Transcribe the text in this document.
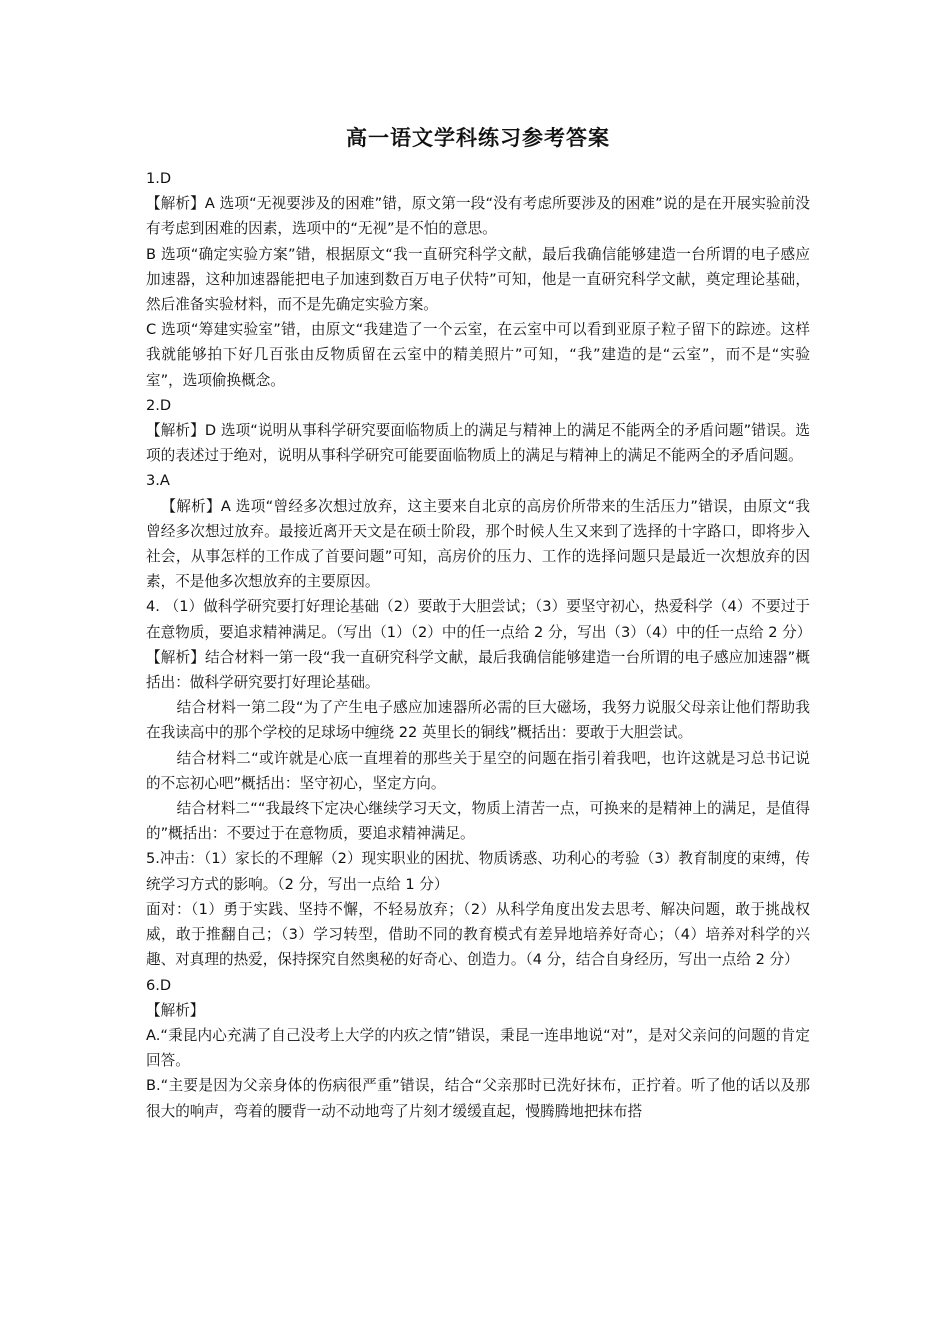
高一语文学科练习参考答案

1.D

【解析】A 选项“无视要涉及的困难”错，原文第一段“没有考虑所要涉及的困难”说的是在开展实验前没有考虑到困难的因素，选项中的“无视”是不怕的意思。

B 选项“确定实验方案”错，根据原文“我一直研究科学文献，最后我确信能够建造一台所谓的电子感应加速器，这种加速器能把电子加速到数百万电子伏特”可知，他是一直研究科学文献，奠定理论基础，然后准备实验材料，而不是先确定实验方案。

C 选项“筹建实验室”错，由原文“我建造了一个云室，在云室中可以看到亚原子粒子留下的踪迹。这样我就能够拍下好几百张由反物质留在云室中的精美照片”可知，“我”建造的是“云室”，而不是“实验室”，选项偷换概念。

2.D

【解析】D 选项“说明从事科学研究要面临物质上的满足与精神上的满足不能两全的矛盾问题”错误。选项的表述过于绝对，说明从事科学研究可能要面临物质上的满足与精神上的满足不能两全的矛盾问题。

3.A

【解析】A 选项“曾经多次想过放弃，这主要来自北京的高房价所带来的生活压力”错误，由原文“我曾经多次想过放弃。最接近离开天文是在硕士阶段，那个时候人生又来到了选择的十字路口，即将步入社会，从事怎样的工作成了首要问题”可知，高房价的压力、工作的选择问题只是最近一次想放弃的因素，不是他多次想放弃的主要原因。

4. （1）做科学研究要打好理论基础（2）要敢于大胆尝试；（3）要坚守初心，热爱科学（4）不要过于在意物质，要追求精神满足。（写出（1）（2）中的任一点给 2 分，写出（3）（4）中的任一点给 2 分）

【解析】结合材料一第一段“我一直研究科学文献，最后我确信能够建造一台所谓的电子感应加速器”概括出：做科学研究要打好理论基础。

结合材料一第二段“为了产生电子感应加速器所必需的巨大磁场，我努力说服父母亲让他们帮助我在我读高中的那个学校的足球场中缠绕 22 英里长的铜线”概括出：要敢于大胆尝试。

结合材料二“或许就是心底一直埋着的那些关于星空的问题在指引着我吧，也许这就是习总书记说的不忘初心吧”概括出：坚守初心，坚定方向。

结合材料二““我最终下定决心继续学习天文，物质上清苦一点，可换来的是精神上的满足，是值得的”概括出：不要过于在意物质，要追求精神满足。

5.冲击：（1）家长的不理解（2）现实职业的困扰、物质诱惑、功利心的考验（3）教育制度的束缚，传统学习方式的影响。（2 分，写出一点给 1 分）

面对：（1）勇于实践、坚持不懈，不轻易放弃；（2）从科学角度出发去思考、解决问题，敢于挑战权威，敢于推翻自己；（3）学习转型，借助不同的教育模式有差异地培养好奇心；（4）培养对科学的兴趣、对真理的热爱，保持探究自然奥秘的好奇心、创造力。（4 分，结合自身经历，写出一点给 2 分）

6.D

【解析】

A.“秉昆内心充满了自己没考上大学的内疚之情”错误，秉昆一连串地说“对”，是对父亲问的问题的肯定回答。

B.“主要是因为父亲身体的伤病很严重”错误，结合“父亲那时已洗好抹布，正拧着。听了他的话以及那很大的响声，弯着的腰背一动不动地弯了片刻才缓缓直起，慢腾腾地把抹布搭
